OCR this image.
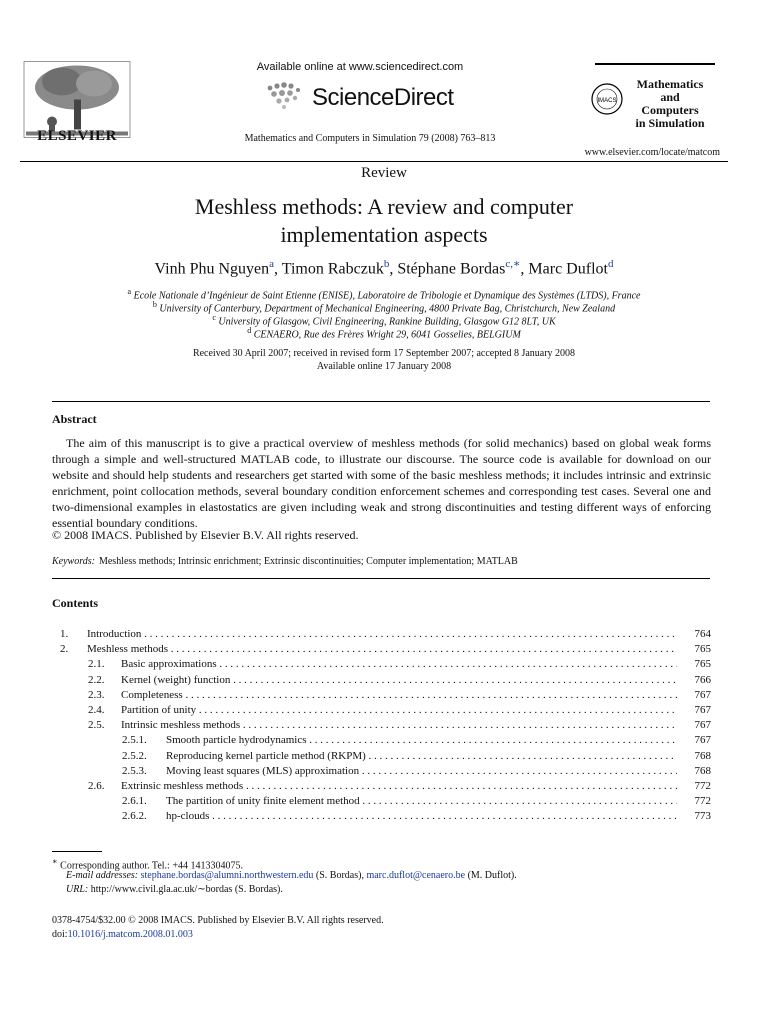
ELSEVIER
Available online at www.sciencedirect.com
ScienceDirect
Mathematics and Computers in Simulation 79 (2008) 763–813
IMACS
Mathematics
and
Computers
in Simulation
www.elsevier.com/locate/matcom
Review
Meshless methods: A review and computer
implementation aspects
Vinh Phu Nguyen$^a$, Timon Rabczuk$^b$, Stéphane Bordas$^{c,∗}$, Marc Duflot$^d$
$^a$ Ecole Nationale d’Ingénieur de Saint Etienne (ENISE), Laboratoire de Tribologie et Dynamique des Systèmes (LTDS), France
$^b$ University of Canterbury, Department of Mechanical Engineering, 4800 Private Bag, Christchurch, New Zealand
$^c$ University of Glasgow, Civil Engineering, Rankine Building, Glasgow G12 8LT, UK
$^d$ CENAERO, Rue des Frères Wright 29, 6041 Gosselies, BELGIUM
Received 30 April 2007; received in revised form 17 September 2007; accepted 8 January 2008
Available online 17 January 2008
Abstract
The aim of this manuscript is to give a practical overview of meshless methods (for solid mechanics) based on global weak forms through a simple and well-structured MATLAB code, to illustrate our discourse. The source code is available for download on our website and should help students and researchers get started with some of the basic meshless methods; it includes intrinsic and extrinsic enrichment, point collocation methods, several boundary condition enforcement schemes and corresponding test cases. Several one and two-dimensional examples in elastostatics are given including weak and strong discontinuities and testing different ways of enforcing essential boundary conditions.
© 2008 IMACS. Published by Elsevier B.V. All rights reserved.
Keywords: Meshless methods; Intrinsic enrichment; Extrinsic discontinuities; Computer implementation; MATLAB
Contents
1. Introduction . . .	764
2. Meshless methods . . .	765
2.1. Basic approximations . . .	765
2.2. Kernel (weight) function . . .	766
2.3. Completeness . . .	767
2.4. Partition of unity . . .	767
2.5. Intrinsic meshless methods . . .	767
2.5.1. Smooth particle hydrodynamics . . .	767
2.5.2. Reproducing kernel particle method (RKPM) . . .	768
2.5.3. Moving least squares (MLS) approximation . . .	768
2.6. Extrinsic meshless methods . . .	772
2.6.1. The partition of unity finite element method . . .	772
2.6.2. hp-clouds . . .	773
∗ Corresponding author. Tel.: +44 1413304075.
E-mail addresses: stephane.bordas@alumni.northwestern.edu (S. Bordas), marc.duflot@cenaero.be (M. Duflot).
URL: http://www.civil.gla.ac.uk/∼bordas (S. Bordas).
0378-4754/$32.00 © 2008 IMACS. Published by Elsevier B.V. All rights reserved.
doi:10.1016/j.matcom.2008.01.003
